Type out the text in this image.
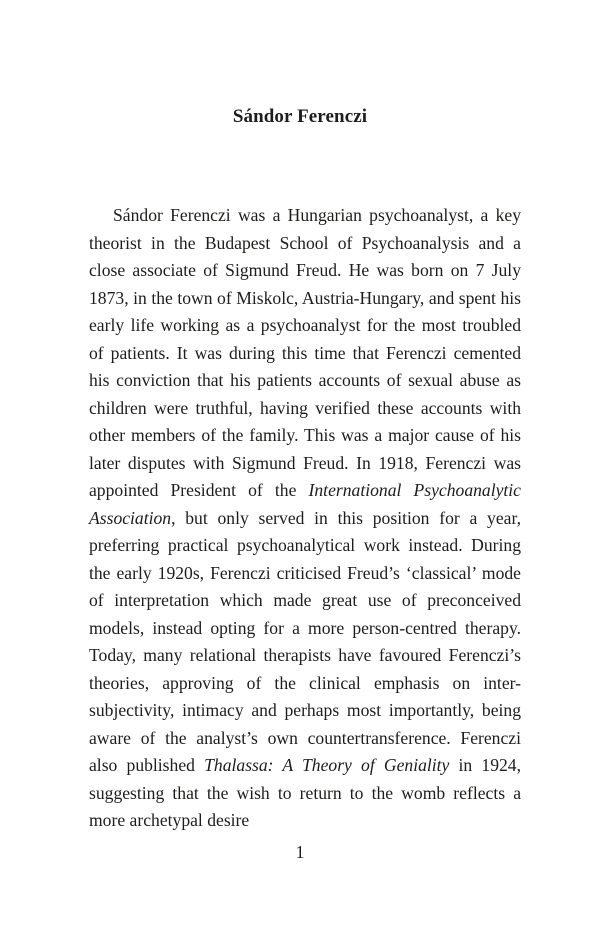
Sándor Ferenczi

Sándor Ferenczi was a Hungarian psychoanalyst, a key theorist in the Budapest School of Psychoanalysis and a close associate of Sigmund Freud. He was born on 7 July 1873, in the town of Miskolc, Austria-Hungary, and spent his early life working as a psychoanalyst for the most troubled of patients. It was during this time that Ferenczi cemented his conviction that his patients accounts of sexual abuse as children were truthful, having verified these accounts with other members of the family. This was a major cause of his later disputes with Sigmund Freud. In 1918, Ferenczi was appointed President of the International Psychoanalytic Association, but only served in this position for a year, preferring practical psychoanalytical work instead. During the early 1920s, Ferenczi criticised Freud’s ‘classical’ mode of interpretation which made great use of preconceived models, instead opting for a more person-centred therapy. Today, many relational therapists have favoured Ferenczi’s theories, approving of the clinical emphasis on inter-subjectivity, intimacy and perhaps most importantly, being aware of the analyst’s own countertransference. Ferenczi also published Thalassa: A Theory of Geniality in 1924, suggesting that the wish to return to the womb reflects a more archetypal desire

1
